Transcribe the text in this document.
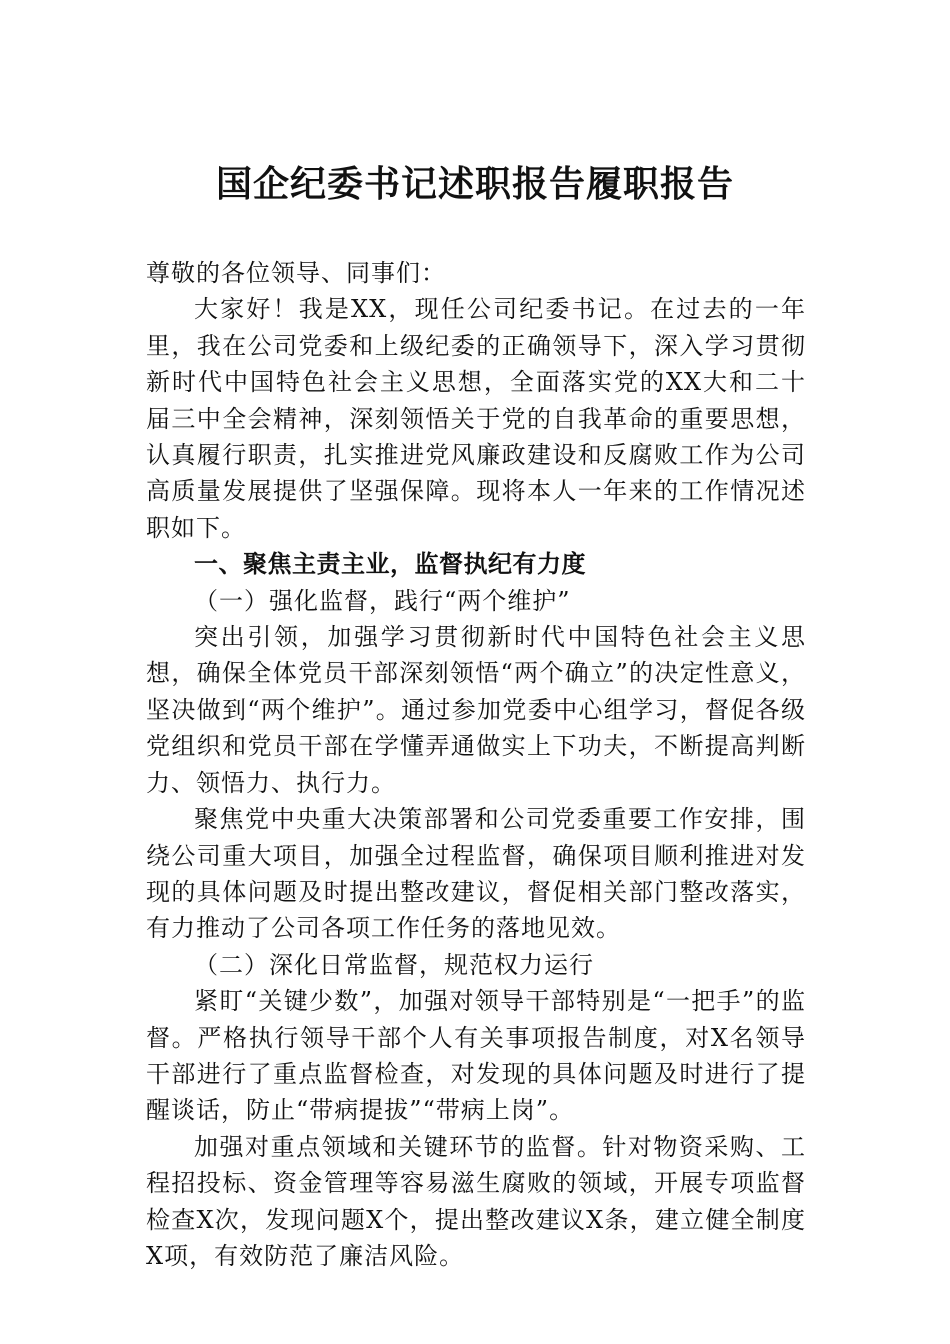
国企纪委书记述职报告履职报告

尊敬的各位领导、同事们：

大家好！我是XX，现任公司纪委书记。在过去的一年里，我在公司党委和上级纪委的正确领导下，深入学习贯彻新时代中国特色社会主义思想，全面落实党的XX大和二十届三中全会精神，深刻领悟关于党的自我革命的重要思想，认真履行职责，扎实推进党风廉政建设和反腐败工作为公司高质量发展提供了坚强保障。现将本人一年来的工作情况述职如下。

一、聚焦主责主业，监督执纪有力度

（一）强化监督，践行“两个维护”

突出引领，加强学习贯彻新时代中国特色社会主义思想，确保全体党员干部深刻领悟“两个确立”的决定性意义，坚决做到“两个维护”。通过参加党委中心组学习，督促各级党组织和党员干部在学懂弄通做实上下功夫，不断提高判断力、领悟力、执行力。

聚焦党中央重大决策部署和公司党委重要工作安排，围绕公司重大项目，加强全过程监督，确保项目顺利推进对发现的具体问题及时提出整改建议，督促相关部门整改落实，有力推动了公司各项工作任务的落地见效。

（二）深化日常监督，规范权力运行

紧盯“关键少数”，加强对领导干部特别是“一把手”的监督。严格执行领导干部个人有关事项报告制度，对X名领导干部进行了重点监督检查，对发现的具体问题及时进行了提醒谈话，防止“带病提拔”“带病上岗”。

加强对重点领域和关键环节的监督。针对物资采购、工程招投标、资金管理等容易滋生腐败的领域，开展专项监督检查X次，发现问题X个，提出整改建议X条，建立健全制度X项，有效防范了廉洁风险。
